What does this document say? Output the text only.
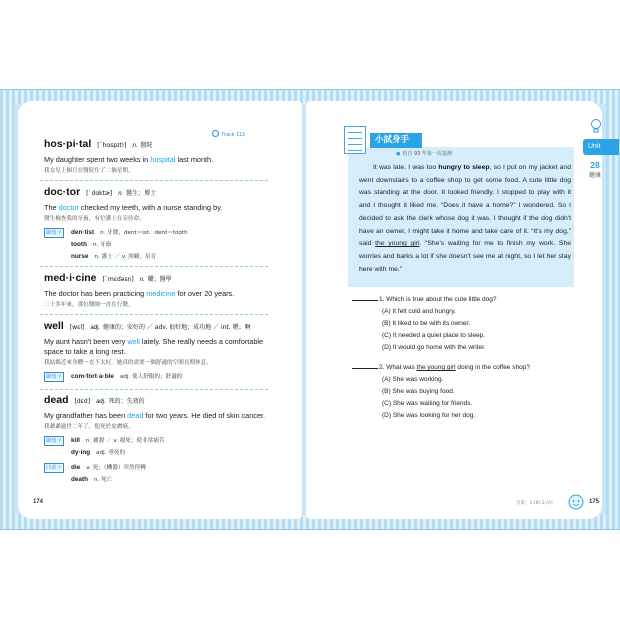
Track 113
hos·pi·tal [ˋhɑspɪt!] n. 醫院
My daughter spent two weeks in hospital last month.
我女兒上個月在醫院住了二個星期。
doc·tor [ˋdɑktɚ] n. 醫生；博士
The doctor checked my teeth, with a nurse standing by.
醫生檢查我的牙齒，有位護士在旁待命。
聯想字	den·tist n. 牙醫，dent＝ist．dent＝tooth
tooth n. 牙齒
nurse n. 護士 ／ v. 照顧；培育
med·i·cine [ˋmɛdəsn] n. 藥；醫學
The doctor has been practicing medicine for over 20 years.
二十多年來，那位醫師一直在行醫。
well [wɛl] adj. 健康的；安好的 ／ adv. 很好地；成功地 ／ int. 嗯；啊
My aunt hasn't been very well lately. She really needs a comfortable space to take a long rest.
我姑媽近來身體一直不太好。她真的需要一個舒適的空間長期休息。
聯想字	com·fort·a·ble adj. 使人舒服的；舒適的
dead [dɛd] adj. 死的；失效的
My grandfather has been dead for two years. He died of skin cancer.
我爺爺過世二年了，他死於皮膚癌。
聯想字	kill n. 捕殺 ／ v. 殺死；使非常痛苦
dy·ing adj. 垂死的
同源字	die v. 死；（機器）突然停轉
death n. 死亡
174
小試身手
● 仿自 93 年第一次基測
It was late. I was too hungry to sleep, so I put on my jacket and went downstairs to a coffee shop to get some food. A cute little dog was standing at the door. It looked friendly. I stopped to play with it and I thought it liked me. “Does it have a home?” I wondered. So I decided to ask the clerk whose dog it was. I thought if the dog didn't have an owner, I might take it home and take care of it. “It's my dog,” said the young girl. “She's waiting for me to finish my work. She worries and barks a lot if she doesn't see me at night, so I let her stay here with me.”
1. Which is true about the cute little dog?
(A) It felt cold and hungry.
(B) It liked to be with its owner.
(C) It needed a quiet place to sleep.
(D) It would go home with the writer.
2. What was the young girl doing in the coffee shop?
(A) She was working.
(B) She was buying food.
(C) She was waiting for friends.
(D) She was looking for her dog.
Unit
28
健康
答案：1.(B) 2.(A)	175
